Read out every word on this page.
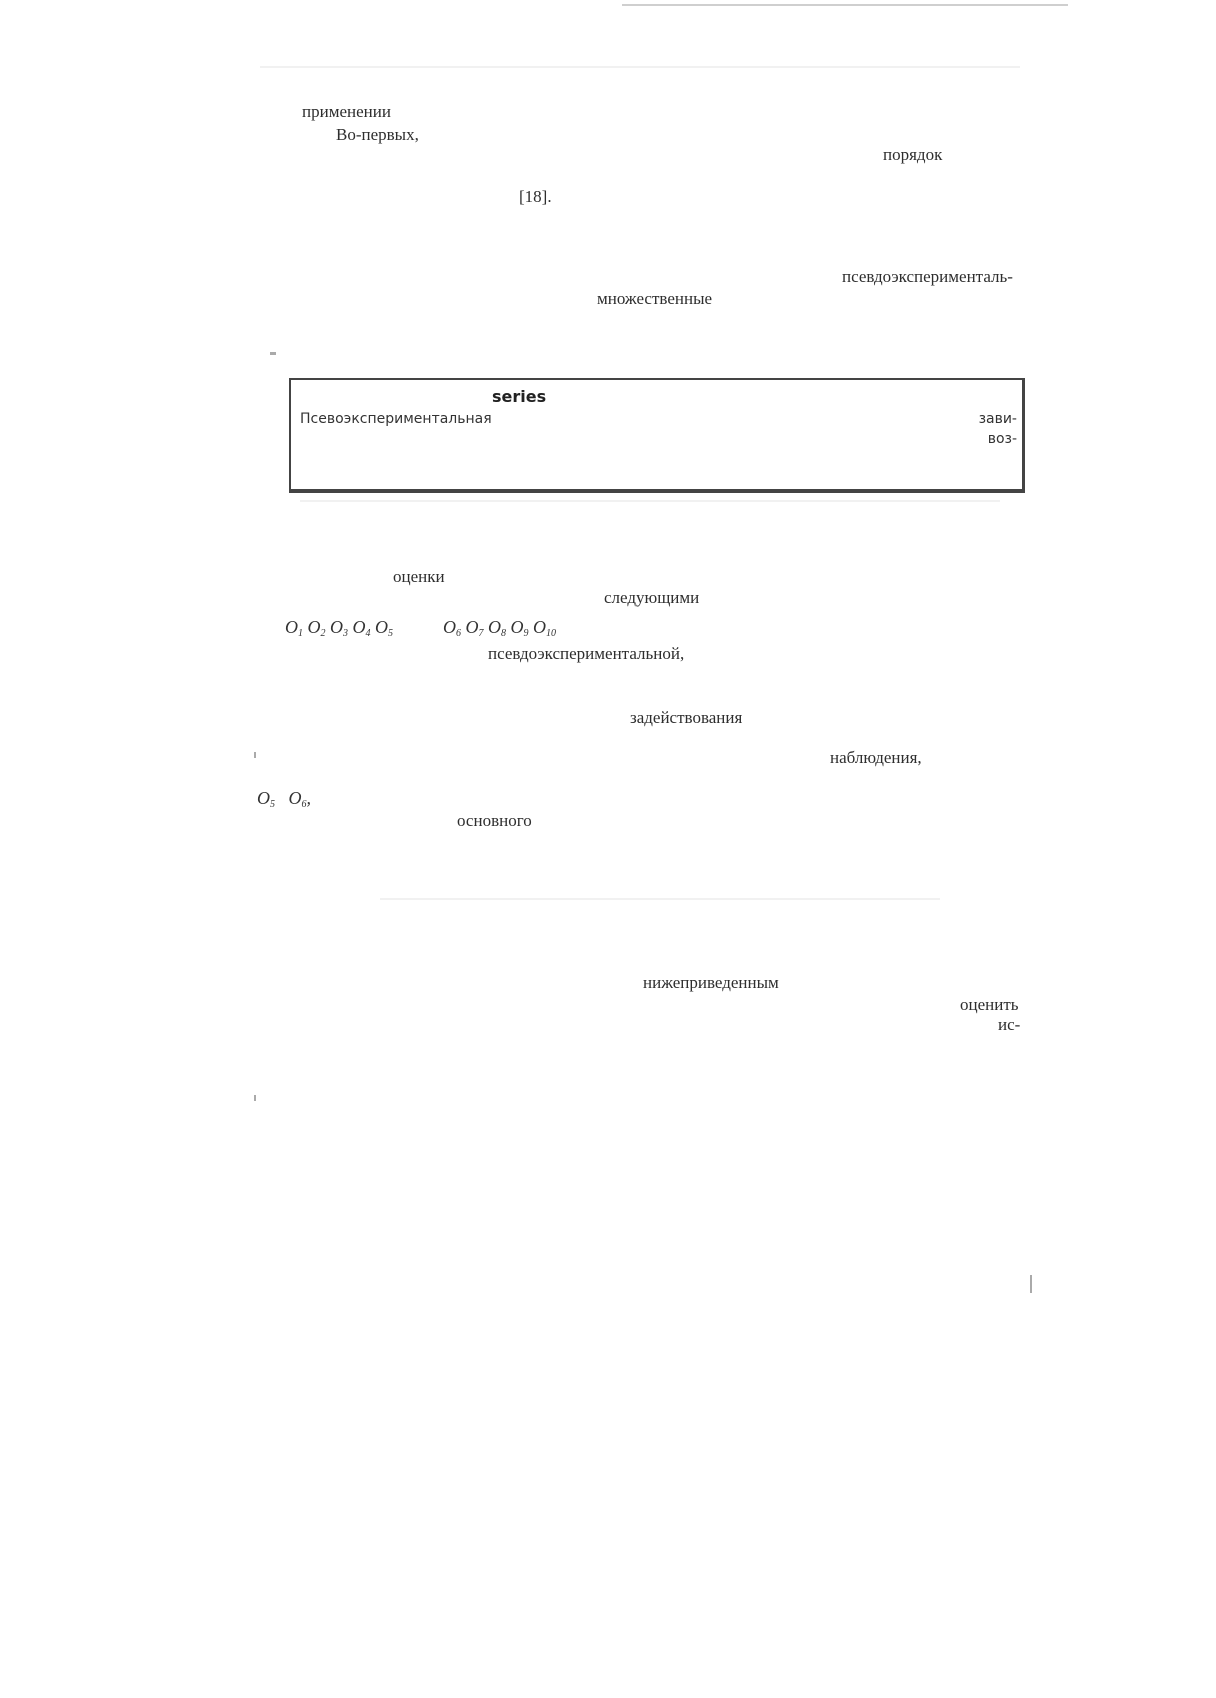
применении
Во-первых,
порядок
[18].
псевдоэксперименталь-
множественные
series
Псевоэкспериментальная	зави-
воз-
оценки
следующими
$O_1$ $O_2$ $O_3$ $O_4$ $O_5$	$O_6$ $O_7$ $O_8$ $O_9$ $O_{10}$
псевдоэкспериментальной,
задействования
наблюдения,
$O_5$ $O_6$,
основного
нижеприведенным
оценить
ис-
